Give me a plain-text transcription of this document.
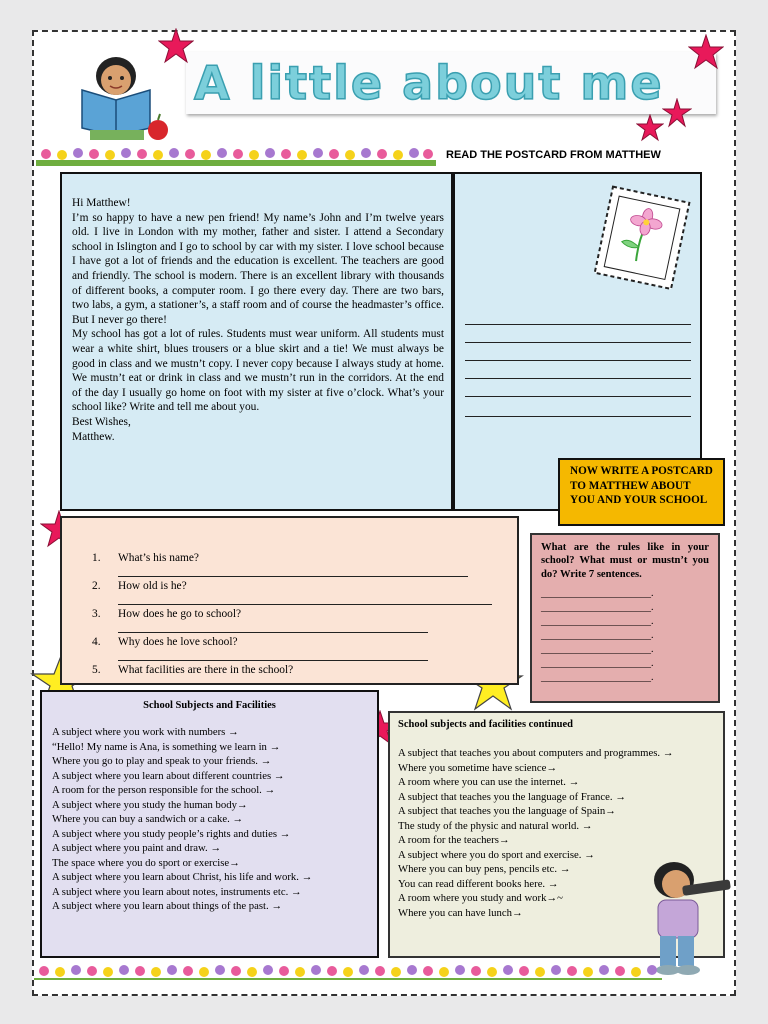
A little about me
READ THE POSTCARD FROM MATTHEW

Hi Matthew!

I’m so happy to have a new pen friend! My name’s John and I’m twelve years old. I live in London with my mother, father and sister. I attend a Secondary school in Islington and I go to school by car with my sister. I love school because I have got a lot of friends and the education is excellent. The teachers are good and friendly. The school is modern. There is an excellent library with thousands of different books, a computer room. I go there every day. There are two bars, two labs, a gym, a stationer’s, a staff room and of course the headmaster’s office. But I never go there!

My school has got a lot of rules. Students must wear uniform. All students must wear a white shirt, blues trousers or a blue skirt and a tie! We must always be good in class and we mustn’t copy. I never copy because I always study at home. We mustn’t eat or drink in class and we mustn’t run in the corridors. At the end of the day I usually go home on foot with my sister at five o’clock. What’s your school like? Write and tell me about you.

Best Wishes,

Matthew.

NOW WRITE A POSTCARD TO MATTHEW ABOUT YOU AND YOUR SCHOOL
1. What’s his name?
2. How old is he?
3. How does he go to school?
4. Why does he love school?
5. What facilities are there in the school?
What are the rules like in your school? What must or mustn’t you do? Write 7 sentences.
______________________.
______________________.
______________________.
______________________.
______________________.
______________________.
______________________.
School Subjects and Facilities
A subject where you work with numbers →
“Hello! My name is Ana, is something we learn in →
Where you go to play and speak to your friends. →
A subject where you learn about different countries →
A room for the person responsible for the school. →
A subject where you study the human body→
Where you can buy a sandwich or a cake. →
A subject where you study people’s rights and duties →
A subject where you paint and draw. →
The space where you do sport or exercise→
A subject where you learn about Christ, his life and work. →
A subject where you learn about notes, instruments etc. →
A subject where you learn about things of the past. →
School subjects and facilities continued
A subject that teaches you about computers and programmes. →
Where you sometime have science→
A room where you can use the internet. →
A subject that teaches you the language of France. →
A subject that teaches you the language of Spain→
The study of the physic and natural world. →
A room for the teachers→
A subject where you do sport and exercise. →
Where you can buy pens, pencils etc. →
You can read different books here. →
A room where you study and work→~
Where you can have lunch→
